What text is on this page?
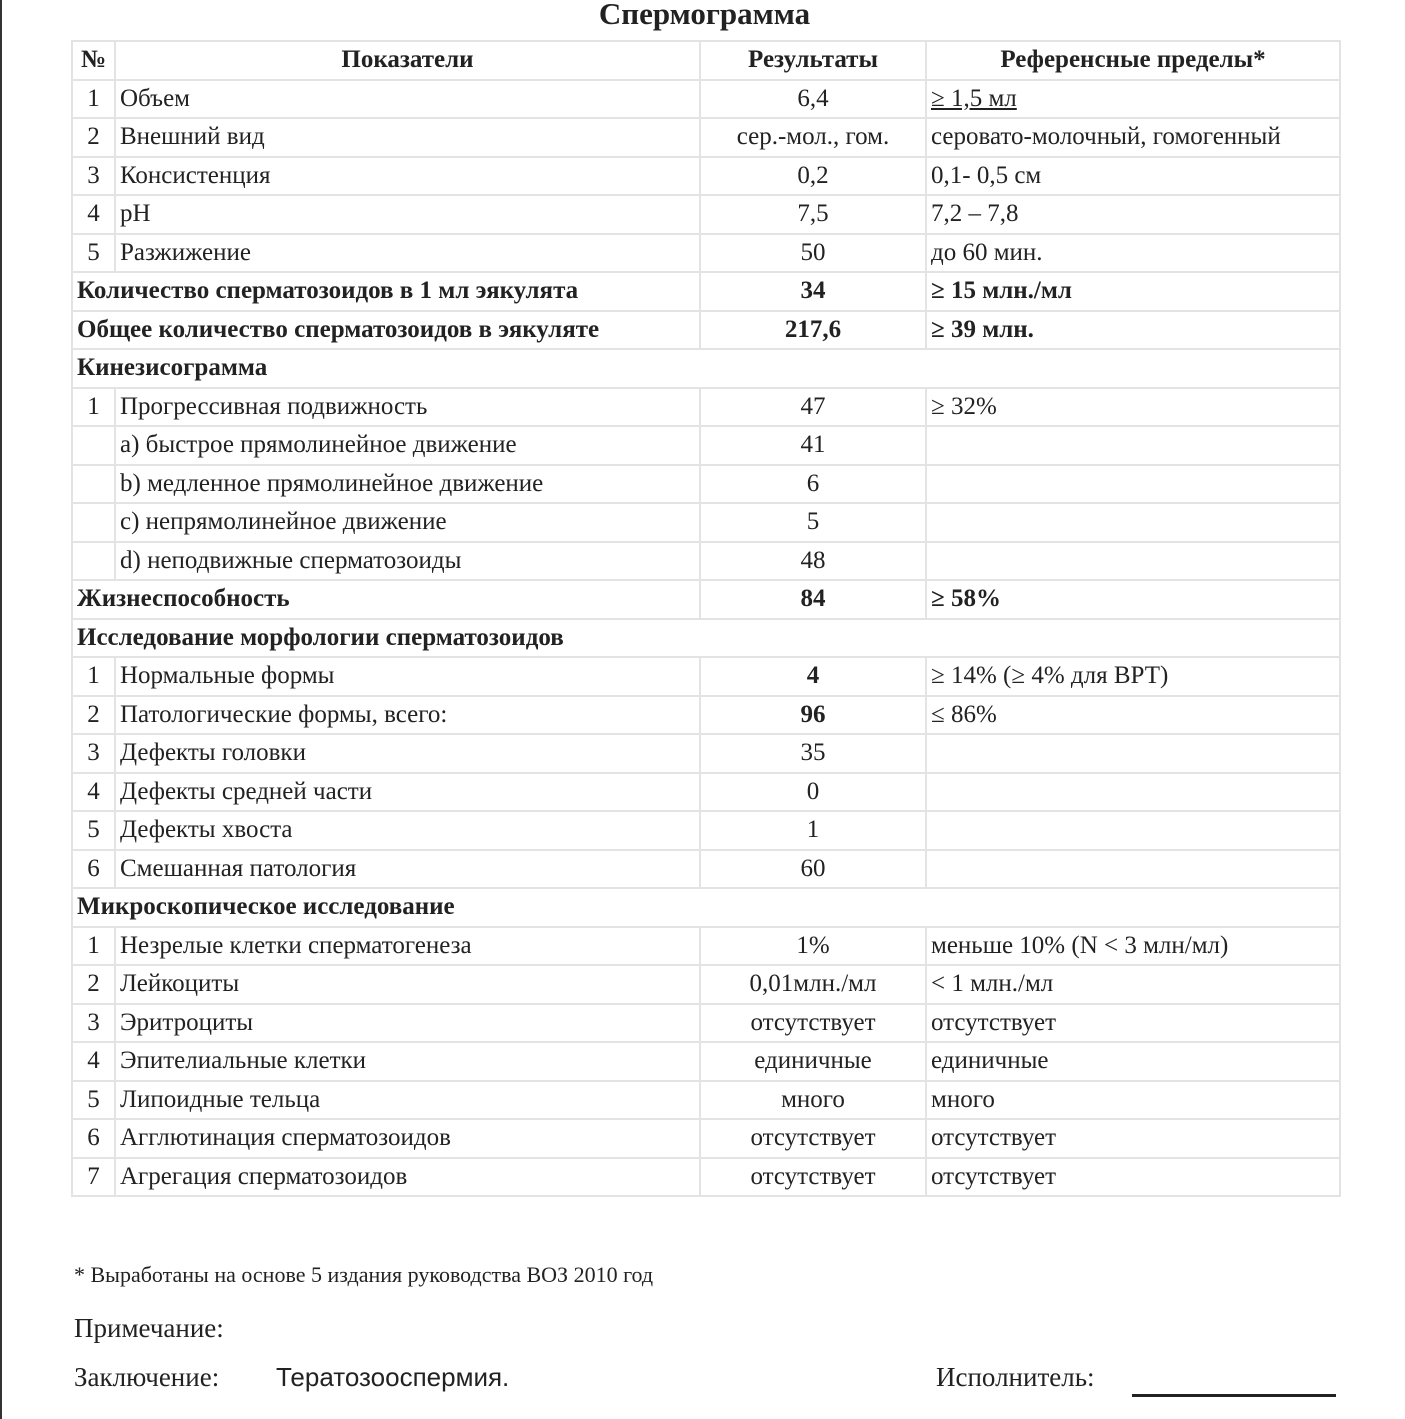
Спермограмма
№	Показатели	Результаты	Референсные пределы*
1	Объем	6,4	≥ 1,5 мл
2	Внешний вид	сер.-мол., гом.	серовато-молочный, гомогенный
3	Консистенция	0,2	0,1- 0,5 см
4	pH	7,5	7,2 – 7,8
5	Разжижение	50	до 60 мин.
Количество сперматозоидов в 1 мл эякулята		34	≥ 15 млн./мл
Общее количество сперматозоидов в эякуляте		217,6	≥ 39 млн.
Кинезисограмма			
1	Прогрессивная подвижность	47	≥ 32%
	a) быстрое прямолинейное движение	41	
	b) медленное прямолинейное движение	6	
	c) непрямолинейное движение	5	
	d) неподвижные сперматозоиды	48	
Жизнеспособность		84	≥ 58%
Исследование морфологии сперматозоидов			
1	Нормальные формы	4	≥ 14% (≥ 4% для ВРТ)
2	Патологические формы, всего:	96	≤ 86%
3	Дефекты головки	35	
4	Дефекты средней части	0	
5	Дефекты хвоста	1	
6	Смешанная патология	60	
Микроскопическое исследование			
1	Незрелые клетки сперматогенеза	1%	меньше 10% (N < 3 млн/мл)
2	Лейкоциты	0,01млн./мл	< 1 млн./мл
3	Эритроциты	отсутствует	отсутствует
4	Эпителиальные клетки	единичные	единичные
5	Липоидные тельца	много	много
6	Агглютинация сперматозоидов	отсутствует	отсутствует
7	Агрегация сперматозоидов	отсутствует	отсутствует
* Выработаны на основе 5 издания руководства ВОЗ 2010 год
Примечание:
Заключение: Тератозооспермия.	Исполнитель:
